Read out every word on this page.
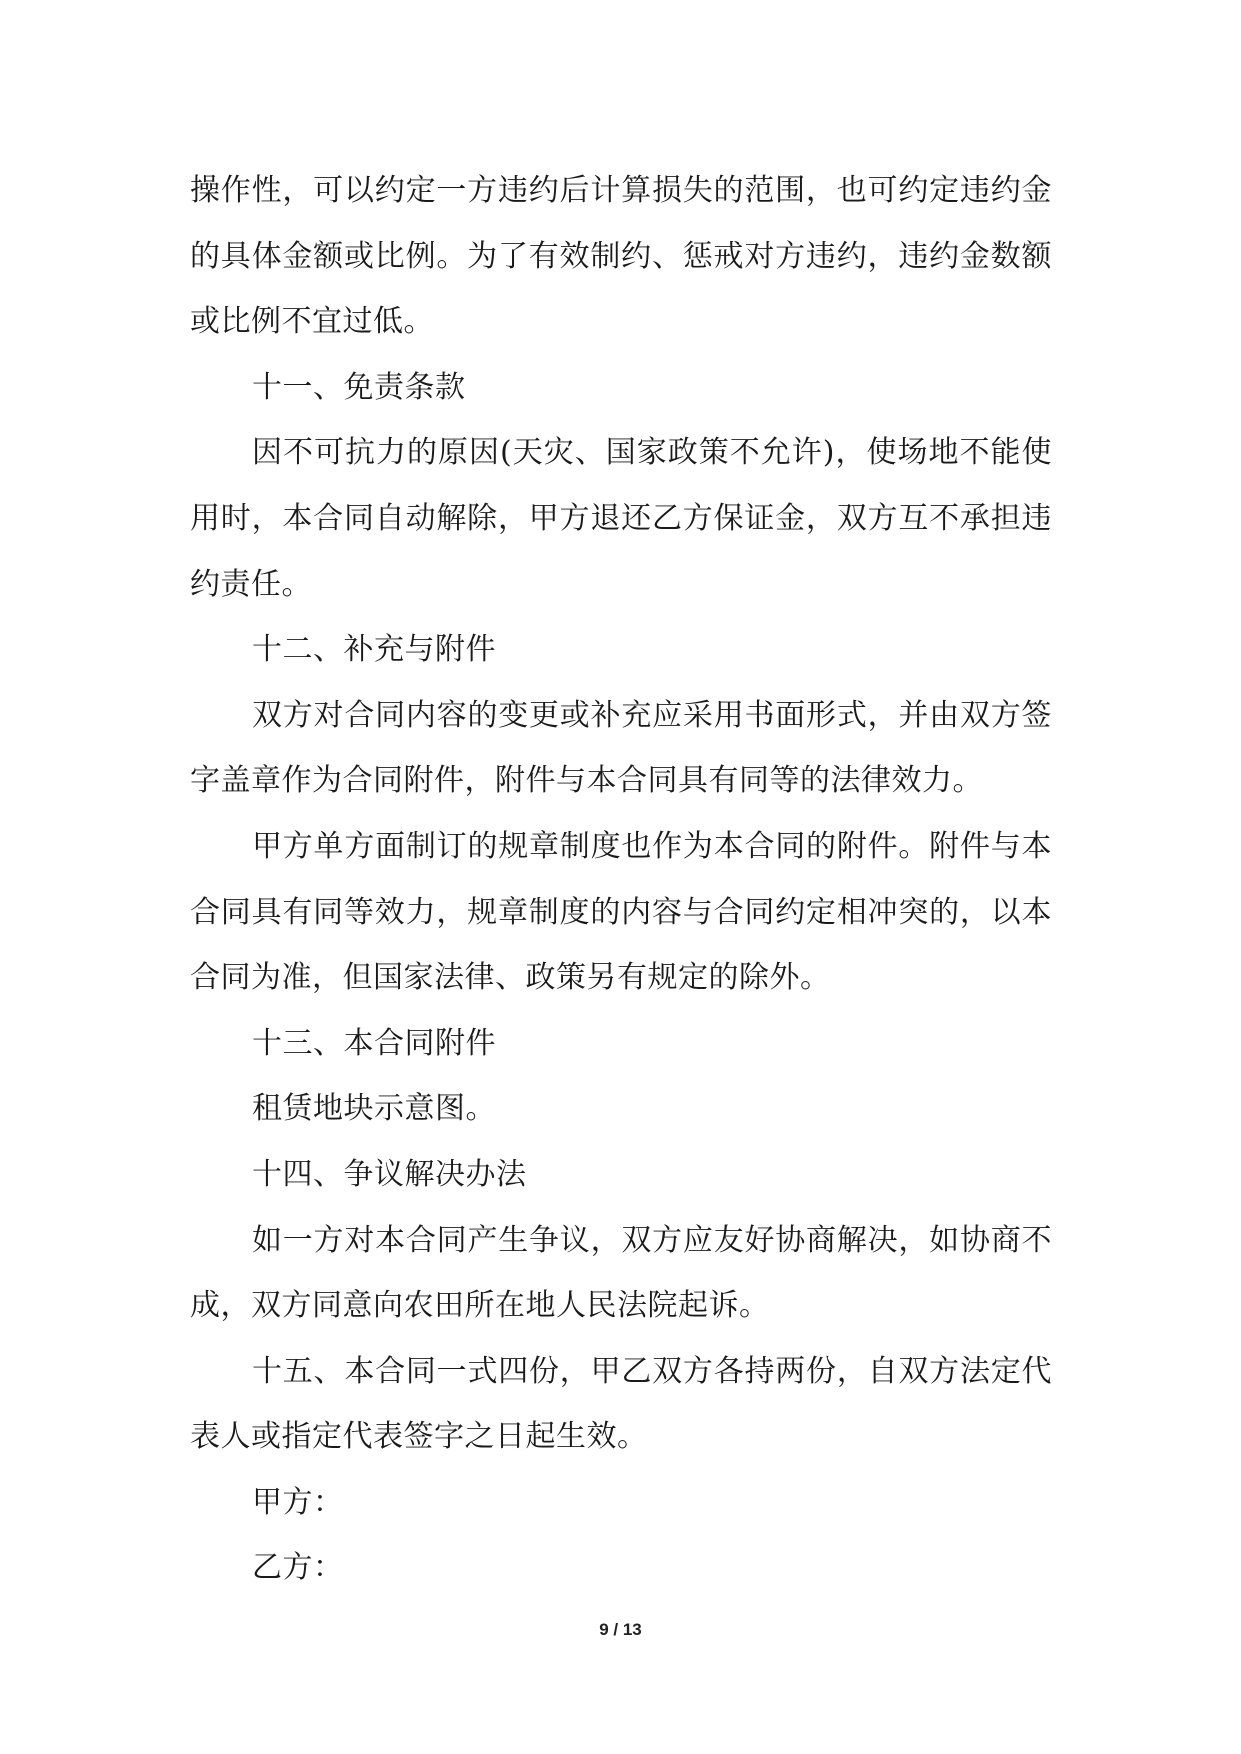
操作性，可以约定一方违约后计算损失的范围，也可约定违约金的具体金额或比例。为了有效制约、惩戒对方违约，违约金数额或比例不宜过低。

十一、免责条款

因不可抗力的原因(天灾、国家政策不允许)，使场地不能使用时，本合同自动解除，甲方退还乙方保证金，双方互不承担违约责任。

十二、补充与附件

双方对合同内容的变更或补充应采用书面形式，并由双方签字盖章作为合同附件，附件与本合同具有同等的法律效力。

甲方单方面制订的规章制度也作为本合同的附件。附件与本合同具有同等效力，规章制度的内容与合同约定相冲突的，以本合同为准，但国家法律、政策另有规定的除外。

十三、本合同附件

租赁地块示意图。

十四、争议解决办法

如一方对本合同产生争议，双方应友好协商解决，如协商不成，双方同意向农田所在地人民法院起诉。

十五、本合同一式四份，甲乙双方各持两份，自双方法定代表人或指定代表签字之日起生效。

甲方：

乙方：

9 / 13
